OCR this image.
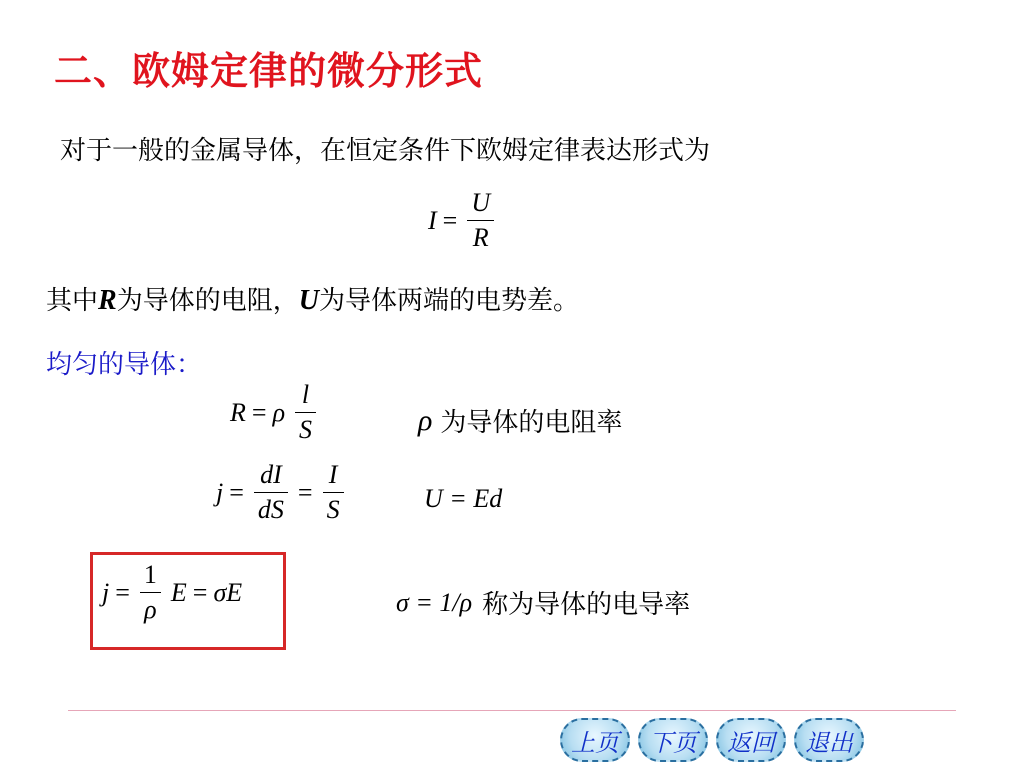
二、欧姆定律的微分形式
对于一般的金属导体，在恒定条件下欧姆定律表达形式为
$I = \frac{U}{R}$
其中R为导体的电阻，U为导体两端的电势差。
均匀的导体：
R = ρ $\frac{l}{S}$	ρ 为导体的电阻率
$j = \frac{dI}{dS} = \frac{I}{S}$	U = Ed
$j = \frac{1}{\rho}$ E = σE	σ = 1/ρ 称为导体的电导率
上页	下页	返回	退出
